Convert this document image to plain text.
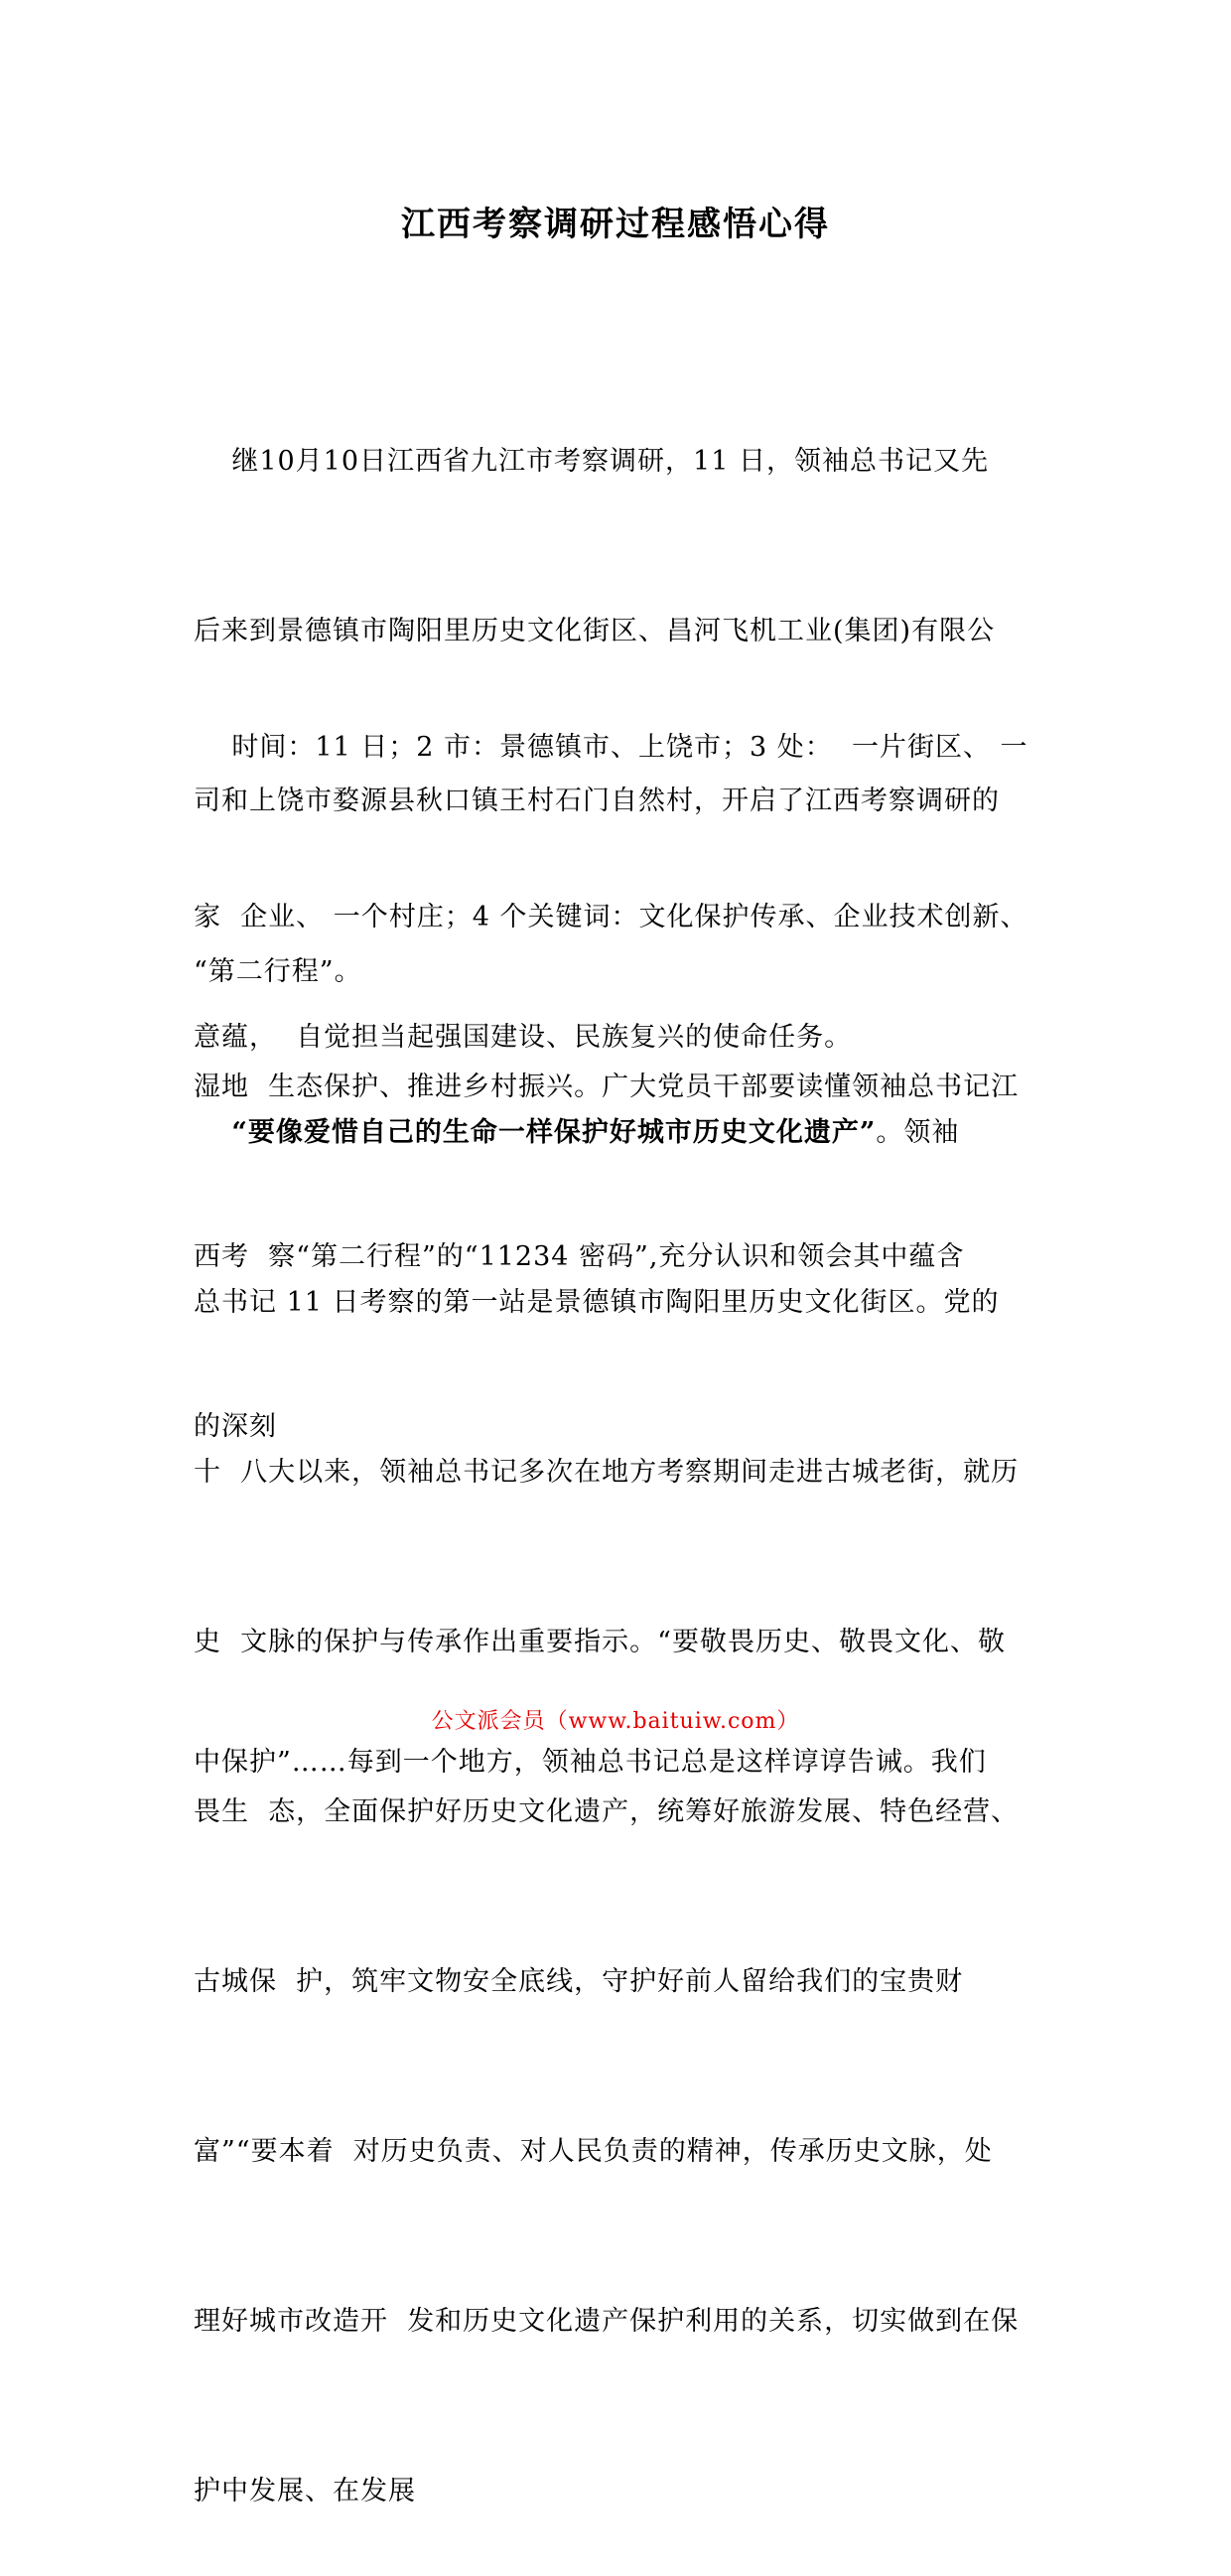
江西考察调研过程感悟心得

继10月10日江西省九江市考察调研，11 日，领袖总书记又先

后来到景德镇市陶阳里历史文化街区、昌河飞机工业(集团)有限公

司和上饶市婺源县秋口镇王村石门自然村，开启了江西考察调研的

“第二行程”。

时间：11 日；2 市：景德镇市、上饶市；3 处：  一片街区、 一

家  企业、 一个村庄；4 个关键词：文化保护传承、企业技术创新、

湿地  生态保护、推进乡村振兴。广大党员干部要读懂领袖总书记江

西考  察“第二行程”的“11234 密码”,充分认识和领会其中蕴含

的深刻

意蕴，  自觉担当起强国建设、民族复兴的使命任务。

“要像爱惜自己的生命一样保护好城市历史文化遗产”。领袖

总书记 11 日考察的第一站是景德镇市陶阳里历史文化街区。党的

十  八大以来，领袖总书记多次在地方考察期间走进古城老街，就历

史  文脉的保护与传承作出重要指示。“要敬畏历史、敬畏文化、敬

畏生  态，全面保护好历史文化遗产，统筹好旅游发展、特色经营、

古城保  护，筑牢文物安全底线，守护好前人留给我们的宝贵财

富”“要本着  对历史负责、对人民负责的精神，传承历史文脉，处

理好城市改造开  发和历史文化遗产保护利用的关系，切实做到在保

护中发展、在发展

中保护”……每到一个地方，领袖总书记总是这样谆谆告诫。我们

公文派会员（www.baituiw.com）
